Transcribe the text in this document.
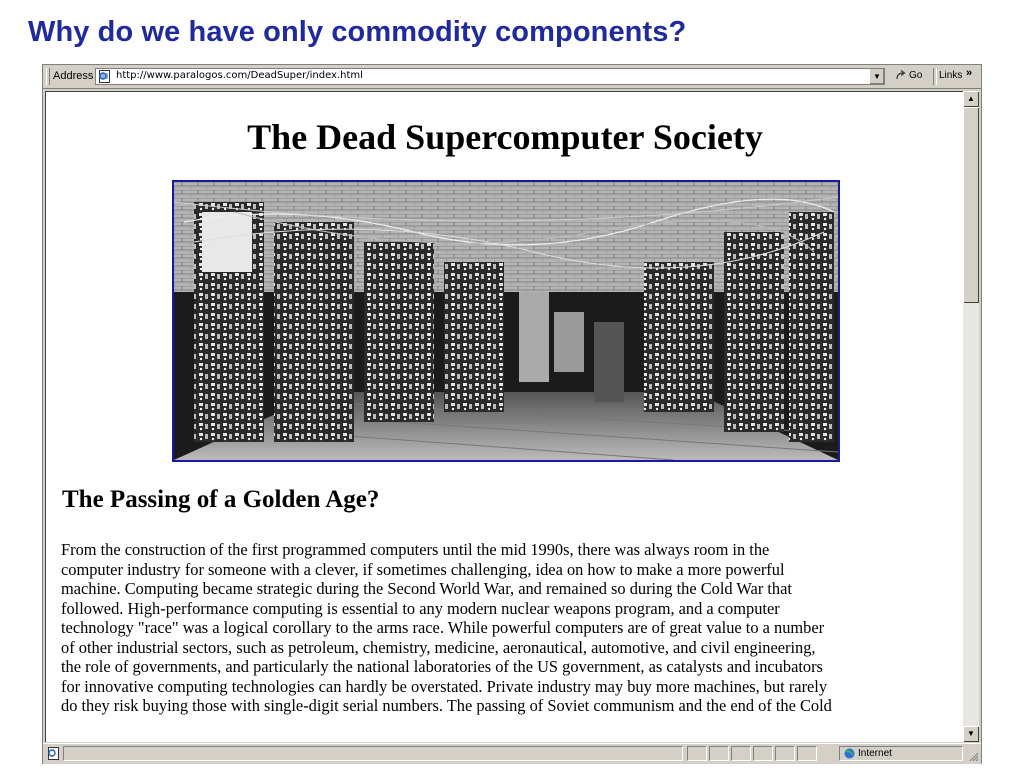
Why do we have only commodity components?
Address http://www.paralogos.com/DeadSuper/index.html	▼	Go Links »
The Dead Supercomputer Society
The Passing of a Golden Age?
From the construction of the first programmed computers until the mid 1990s, there was always room in the
computer industry for someone with a clever, if sometimes challenging, idea on how to make a more powerful
machine. Computing became strategic during the Second World War, and remained so during the Cold War that
followed. High-performance computing is essential to any modern nuclear weapons program, and a computer
technology "race" was a logical corollary to the arms race. While powerful computers are of great value to a number
of other industrial sectors, such as petroleum, chemistry, medicine, aeronautical, automotive, and civil engineering,
the role of governments, and particularly the national laboratories of the US government, as catalysts and incubators
for innovative computing technologies can hardly be overstated. Private industry may buy more machines, but rarely
do they risk buying those with single-digit serial numbers. The passing of Soviet communism and the end of the Cold
▲
▼
Internet
